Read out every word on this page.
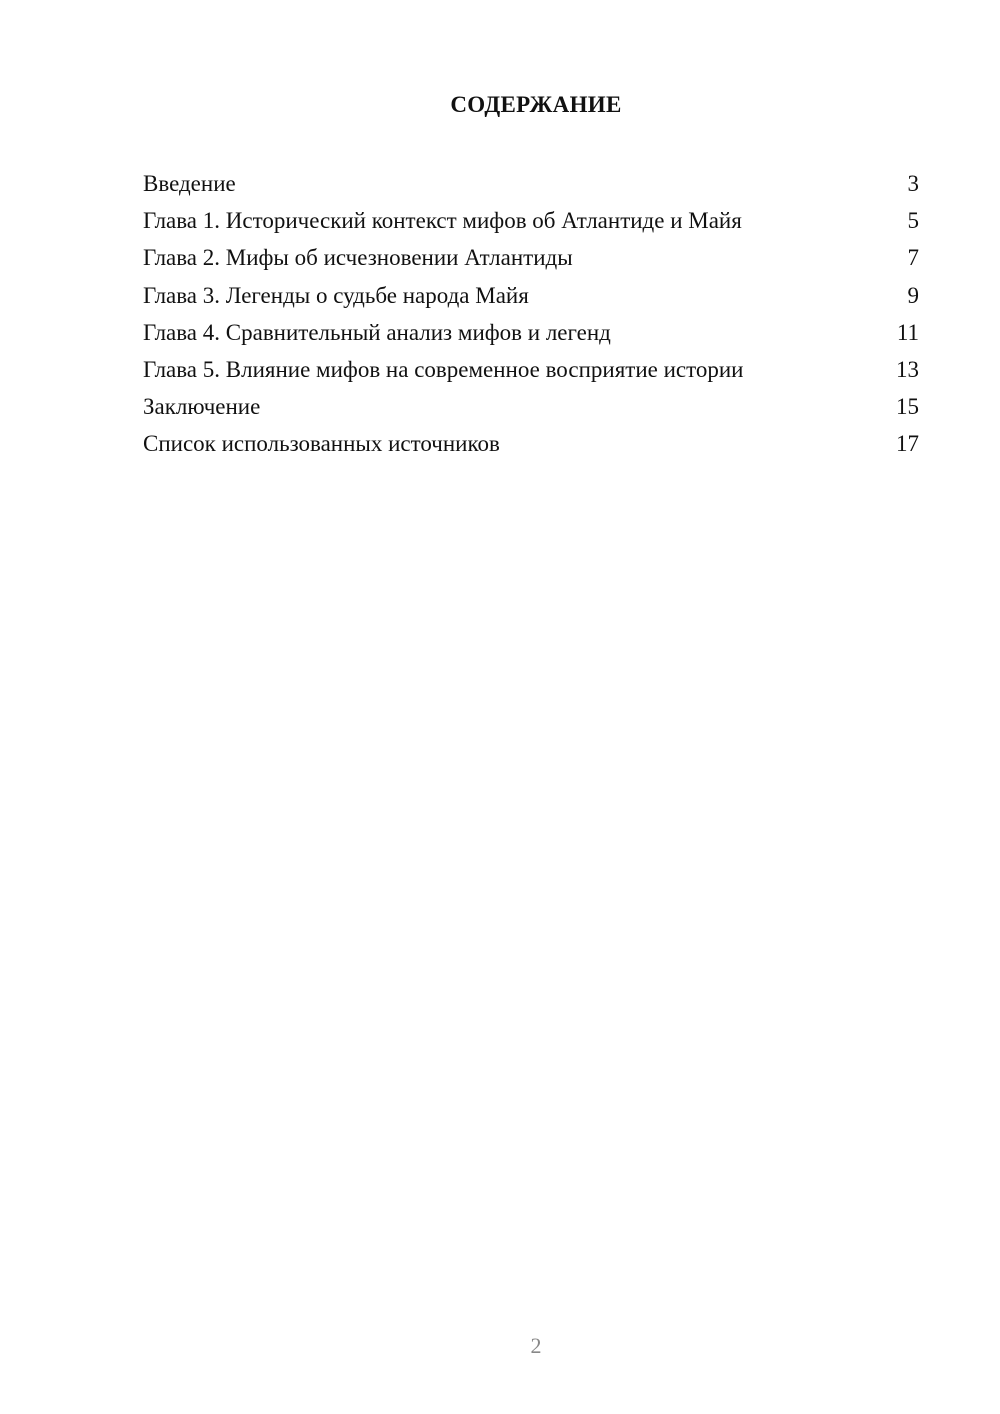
СОДЕРЖАНИЕ
Введение	3
Глава 1. Исторический контекст мифов об Атлантиде и Майя	5
Глава 2. Мифы об исчезновении Атлантиды	7
Глава 3. Легенды о судьбе народа Майя	9
Глава 4. Сравнительный анализ мифов и легенд	11
Глава 5. Влияние мифов на современное восприятие истории	13
Заключение	15
Список использованных источников	17
2
